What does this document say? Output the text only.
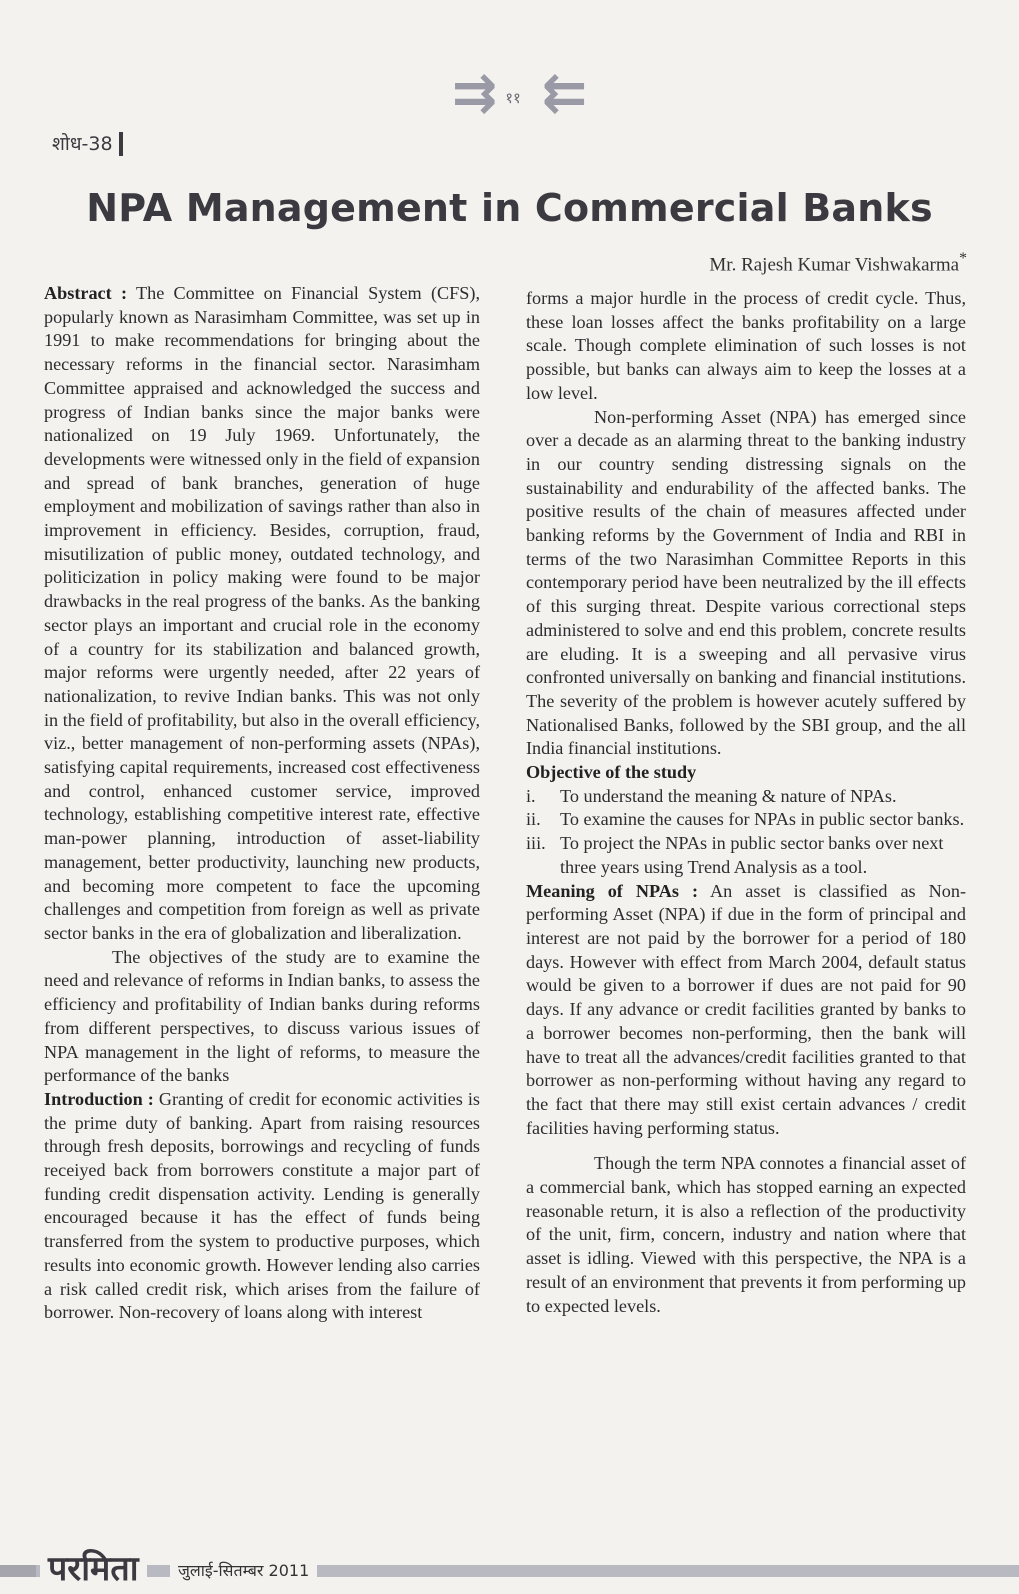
⇉ ११ ⇇
शोध-38
NPA Management in Commercial Banks
Mr. Rajesh Kumar Vishwakarma*

Abstract : The Committee on Financial System (CFS), popularly known as Narasimham Committee, was set up in 1991 to make recommendations for bringing about the necessary reforms in the financial sector. Narasimham Committee appraised and acknowledged the success and progress of Indian banks since the major banks were nationalized on 19 July 1969. Unfortunately, the developments were witnessed only in the field of expansion and spread of bank branches, generation of huge employment and mobilization of savings rather than also in improvement in efficiency. Besides, corruption, fraud, misutilization of public money, outdated technology, and politicization in policy making were found to be major drawbacks in the real progress of the banks. As the banking sector plays an important and crucial role in the economy of a country for its stabilization and balanced growth, major reforms were urgently needed, after 22 years of nationalization, to revive Indian banks. This was not only in the field of profitability, but also in the overall efficiency, viz., better management of non-performing assets (NPAs), satisfying capital requirements, increased cost effectiveness and control, enhanced customer service, improved technology, establishing competitive interest rate, effective man-power planning, introduction of asset-liability management, better productivity, launching new products, and becoming more competent to face the upcoming challenges and competition from foreign as well as private sector banks in the era of globalization and liberalization.

The objectives of the study are to examine the need and relevance of reforms in Indian banks, to assess the efficiency and profitability of Indian banks during reforms from different perspectives, to discuss various issues of NPA management in the light of reforms, to measure the performance of the banks

Introduction : Granting of credit for economic activities is the prime duty of banking. Apart from raising resources through fresh deposits, borrowings and recycling of funds receiyed back from borrowers constitute a major part of funding credit dispensation activity. Lending is generally encouraged because it has the effect of funds being transferred from the system to productive purposes, which results into economic growth. However lending also carries a risk called credit risk, which arises from the failure of borrower. Non-recovery of loans along with interest

forms a major hurdle in the process of credit cycle. Thus, these loan losses affect the banks profitability on a large scale. Though complete elimination of such losses is not possible, but banks can always aim to keep the losses at a low level.

Non-performing Asset (NPA) has emerged since over a decade as an alarming threat to the banking industry in our country sending distressing signals on the sustainability and endurability of the affected banks. The positive results of the chain of measures affected under banking reforms by the Government of India and RBI in terms of the two Narasimhan Committee Reports in this contemporary period have been neutralized by the ill effects of this surging threat. Despite various correctional steps administered to solve and end this problem, concrete results are eluding. It is a sweeping and all pervasive virus confronted universally on banking and financial institutions. The severity of the problem is however acutely suffered by Nationalised Banks, followed by the SBI group, and the all India financial institutions.

Objective of the study
i. To understand the meaning & nature of NPAs.
ii. To examine the causes for NPAs in public sector banks.
iii. To project the NPAs in public sector banks over next three years using Trend Analysis as a tool.

Meaning of NPAs : An asset is classified as Non-performing Asset (NPA) if due in the form of principal and interest are not paid by the borrower for a period of 180 days. However with effect from March 2004, default status would be given to a borrower if dues are not paid for 90 days. If any advance or credit facilities granted by banks to a borrower becomes non-performing, then the bank will have to treat all the advances/credit facilities granted to that borrower as non-performing without having any regard to the fact that there may still exist certain advances / credit facilities having performing status.

Though the term NPA connotes a financial asset of a commercial bank, which has stopped earning an expected reasonable return, it is also a reflection of the productivity of the unit, firm, concern, industry and nation where that asset is idling. Viewed with this perspective, the NPA is a result of an environment that prevents it from performing up to expected levels.

परमिता	जुलाई-सितम्बर 2011
